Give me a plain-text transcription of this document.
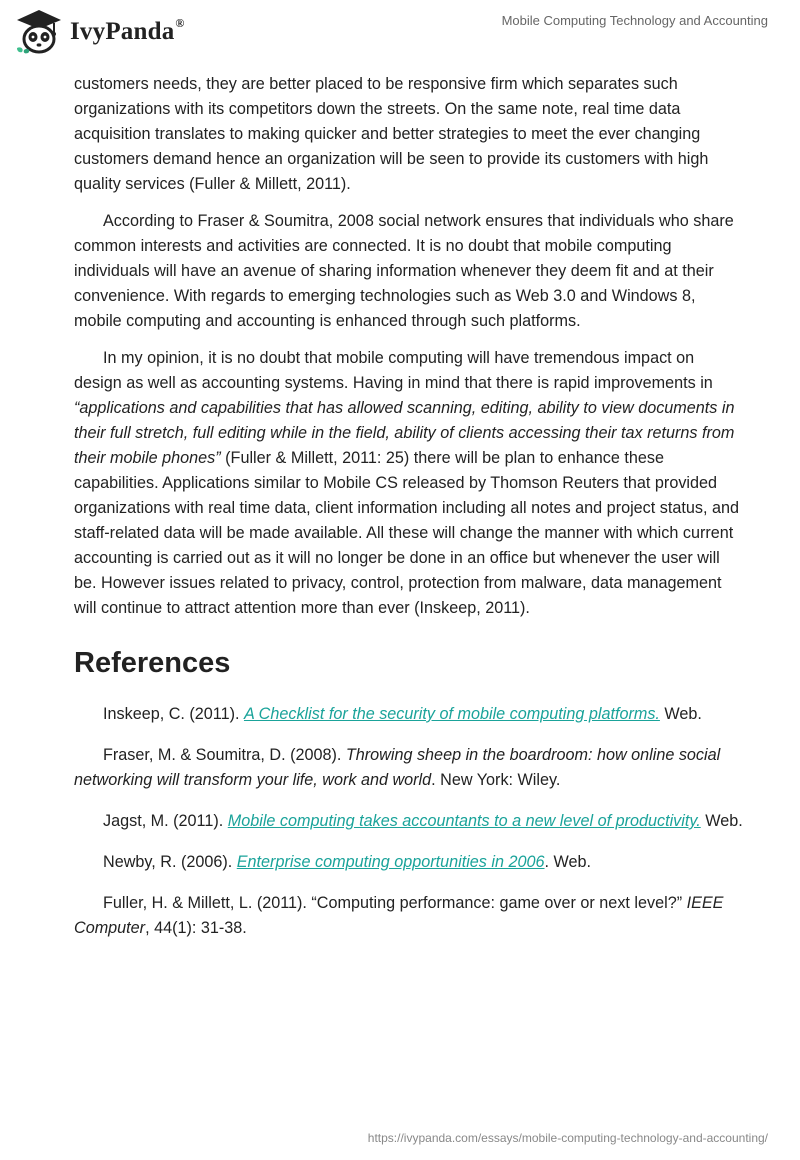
IvyPanda®	Mobile Computing Technology and Accounting

customers needs, they are better placed to be responsive firm which separates such organizations with its competitors down the streets. On the same note, real time data acquisition translates to making quicker and better strategies to meet the ever changing customers demand hence an organization will be seen to provide its customers with high quality services (Fuller & Millett, 2011).

According to Fraser & Soumitra, 2008 social network ensures that individuals who share common interests and activities are connected. It is no doubt that mobile computing individuals will have an avenue of sharing information whenever they deem fit and at their convenience. With regards to emerging technologies such as Web 3.0 and Windows 8, mobile computing and accounting is enhanced through such platforms.

In my opinion, it is no doubt that mobile computing will have tremendous impact on design as well as accounting systems. Having in mind that there is rapid improvements in “applications and capabilities that has allowed scanning, editing, ability to view documents in their full stretch, full editing while in the field, ability of clients accessing their tax returns from their mobile phones” (Fuller & Millett, 2011: 25) there will be plan to enhance these capabilities. Applications similar to Mobile CS released by Thomson Reuters that provided organizations with real time data, client information including all notes and project status, and staff-related data will be made available. All these will change the manner with which current accounting is carried out as it will no longer be done in an office but whenever the user will be. However issues related to privacy, control, protection from malware, data management will continue to attract attention more than ever (Inskeep, 2011).

References

Inskeep, C. (2011). A Checklist for the security of mobile computing platforms. Web.

Fraser, M. & Soumitra, D. (2008). Throwing sheep in the boardroom: how online social networking will transform your life, work and world. New York: Wiley.

Jagst, M. (2011). Mobile computing takes accountants to a new level of productivity. Web.

Newby, R. (2006). Enterprise computing opportunities in 2006. Web.

Fuller, H. & Millett, L. (2011). “Computing performance: game over or next level?” IEEE Computer, 44(1): 31-38.

https://ivypanda.com/essays/mobile-computing-technology-and-accounting/
